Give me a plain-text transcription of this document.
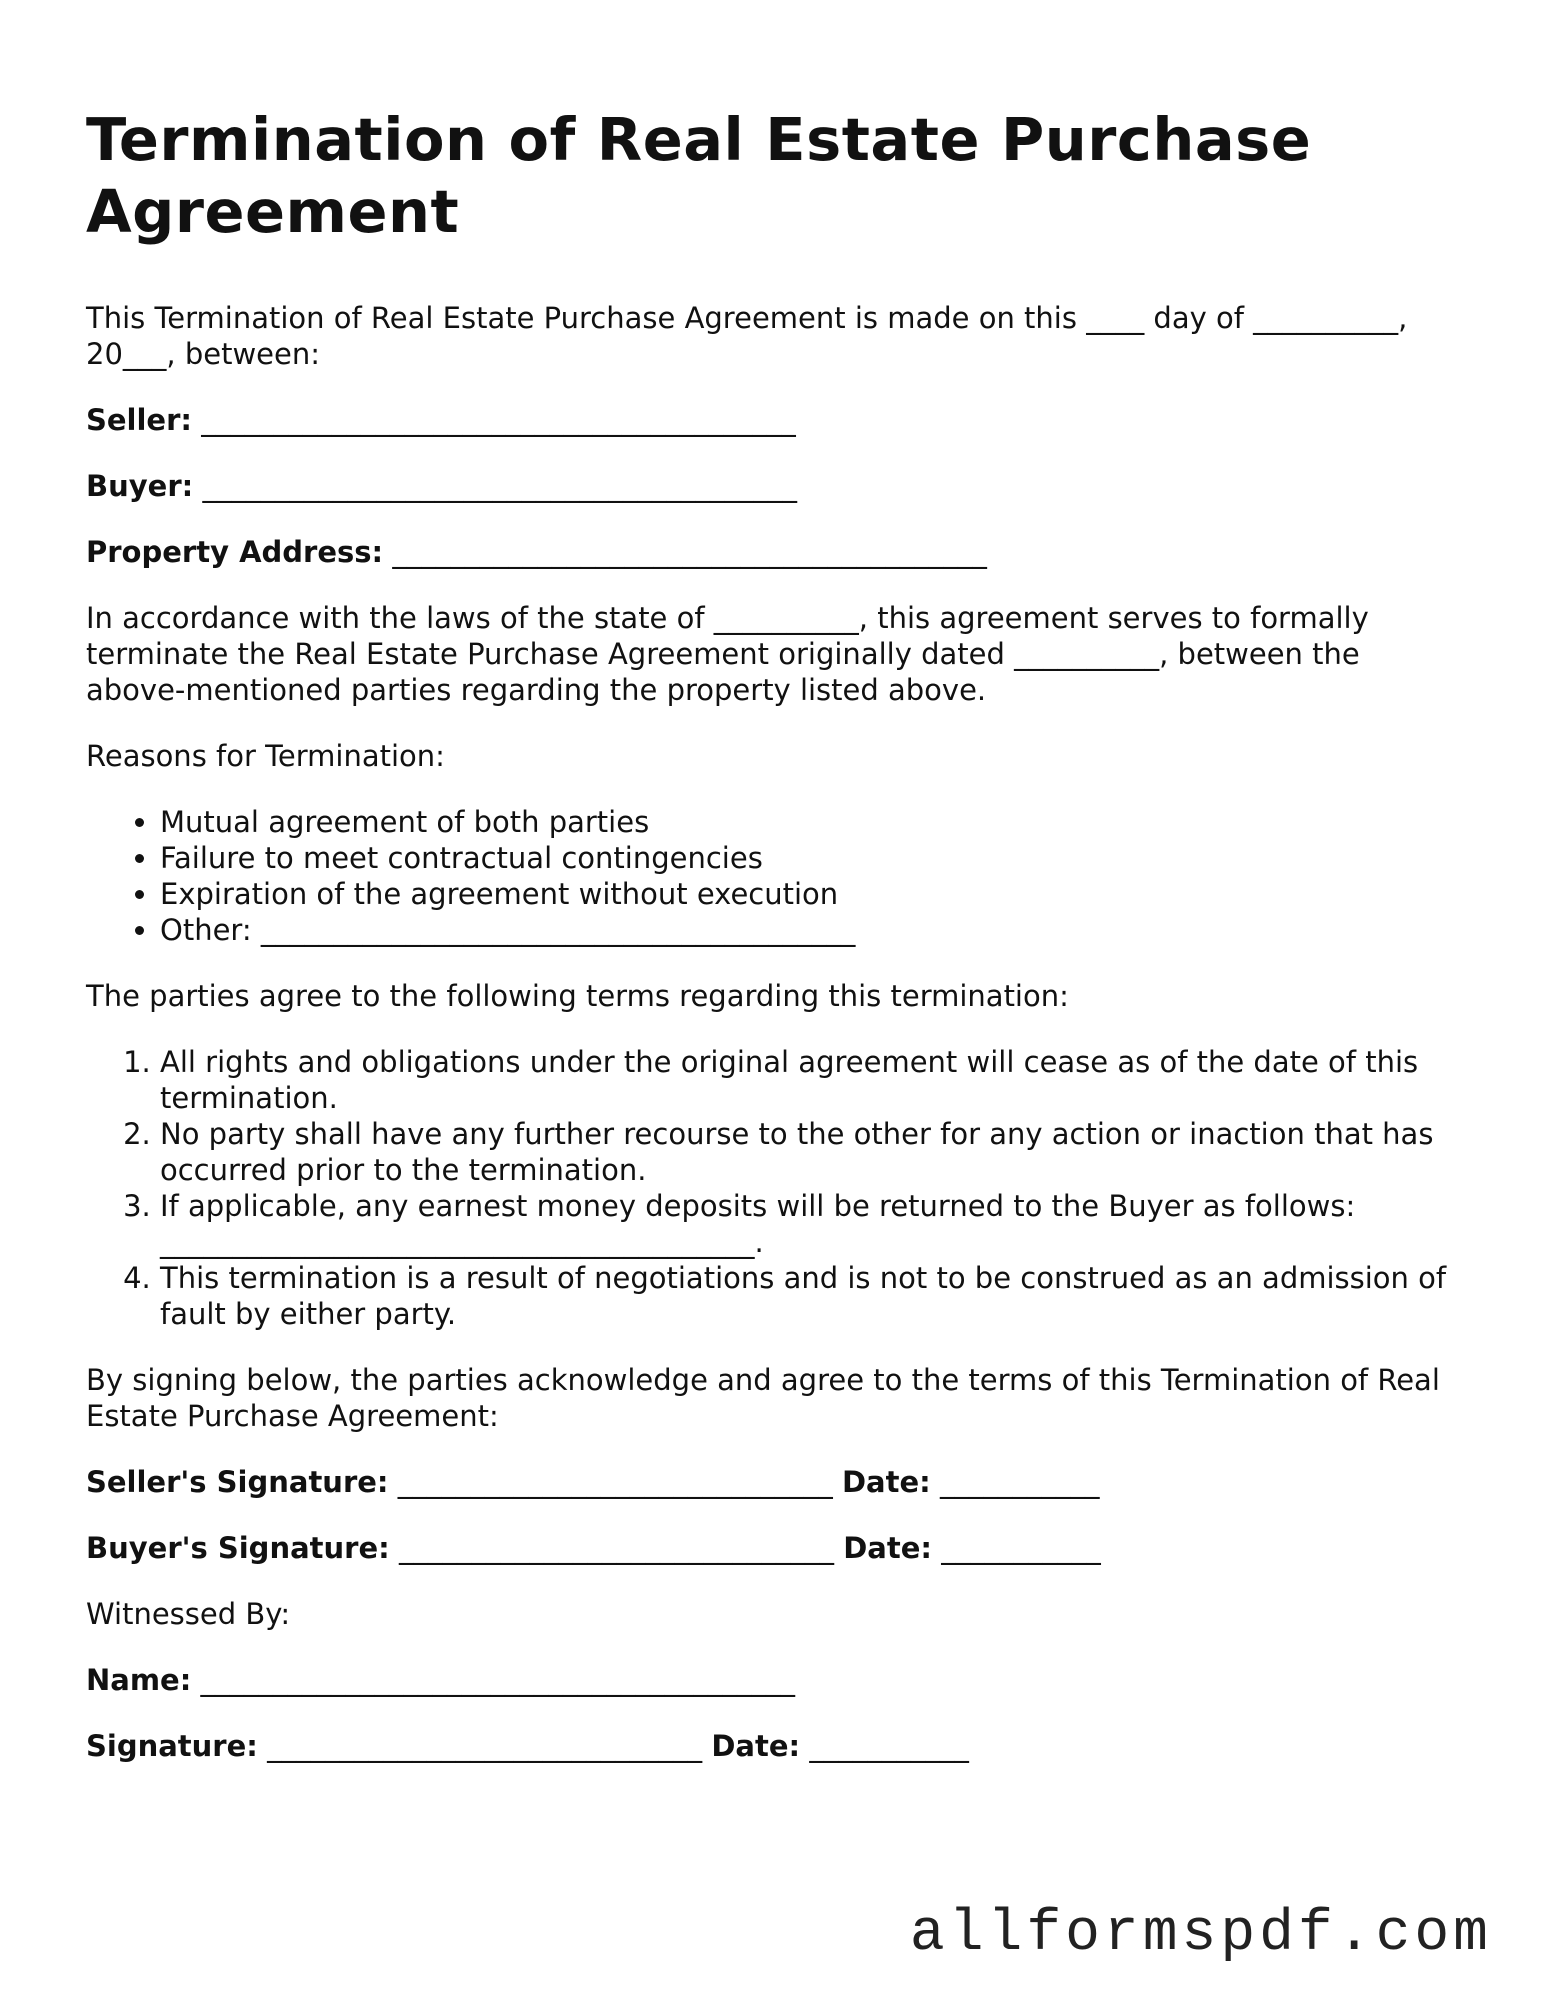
Termination of Real Estate Purchase Agreement

This Termination of Real Estate Purchase Agreement is made on this ____ day of __________, 20___, between:

Seller: _________________________________________
Buyer: _________________________________________
Property Address: _________________________________________

In accordance with the laws of the state of __________, this agreement serves to formally terminate the Real Estate Purchase Agreement originally dated __________, between the above-mentioned parties regarding the property listed above.

Reasons for Termination:

• Mutual agreement of both parties
• Failure to meet contractual contingencies
• Expiration of the agreement without execution
• Other: _________________________________________

The parties agree to the following terms regarding this termination:

1. All rights and obligations under the original agreement will cease as of the date of this termination.
2. No party shall have any further recourse to the other for any action or inaction that has occurred prior to the termination.
3. If applicable, any earnest money deposits will be returned to the Buyer as follows: _________________________________________.
4. This termination is a result of negotiations and is not to be construed as an admission of fault by either party.

By signing below, the parties acknowledge and agree to the terms of this Termination of Real Estate Purchase Agreement:

Seller's Signature: ______________________________ Date: ___________
Buyer's Signature: ______________________________ Date: ___________

Witnessed By:

Name: _________________________________________
Signature: ______________________________ Date: ___________
allformspdf.com
